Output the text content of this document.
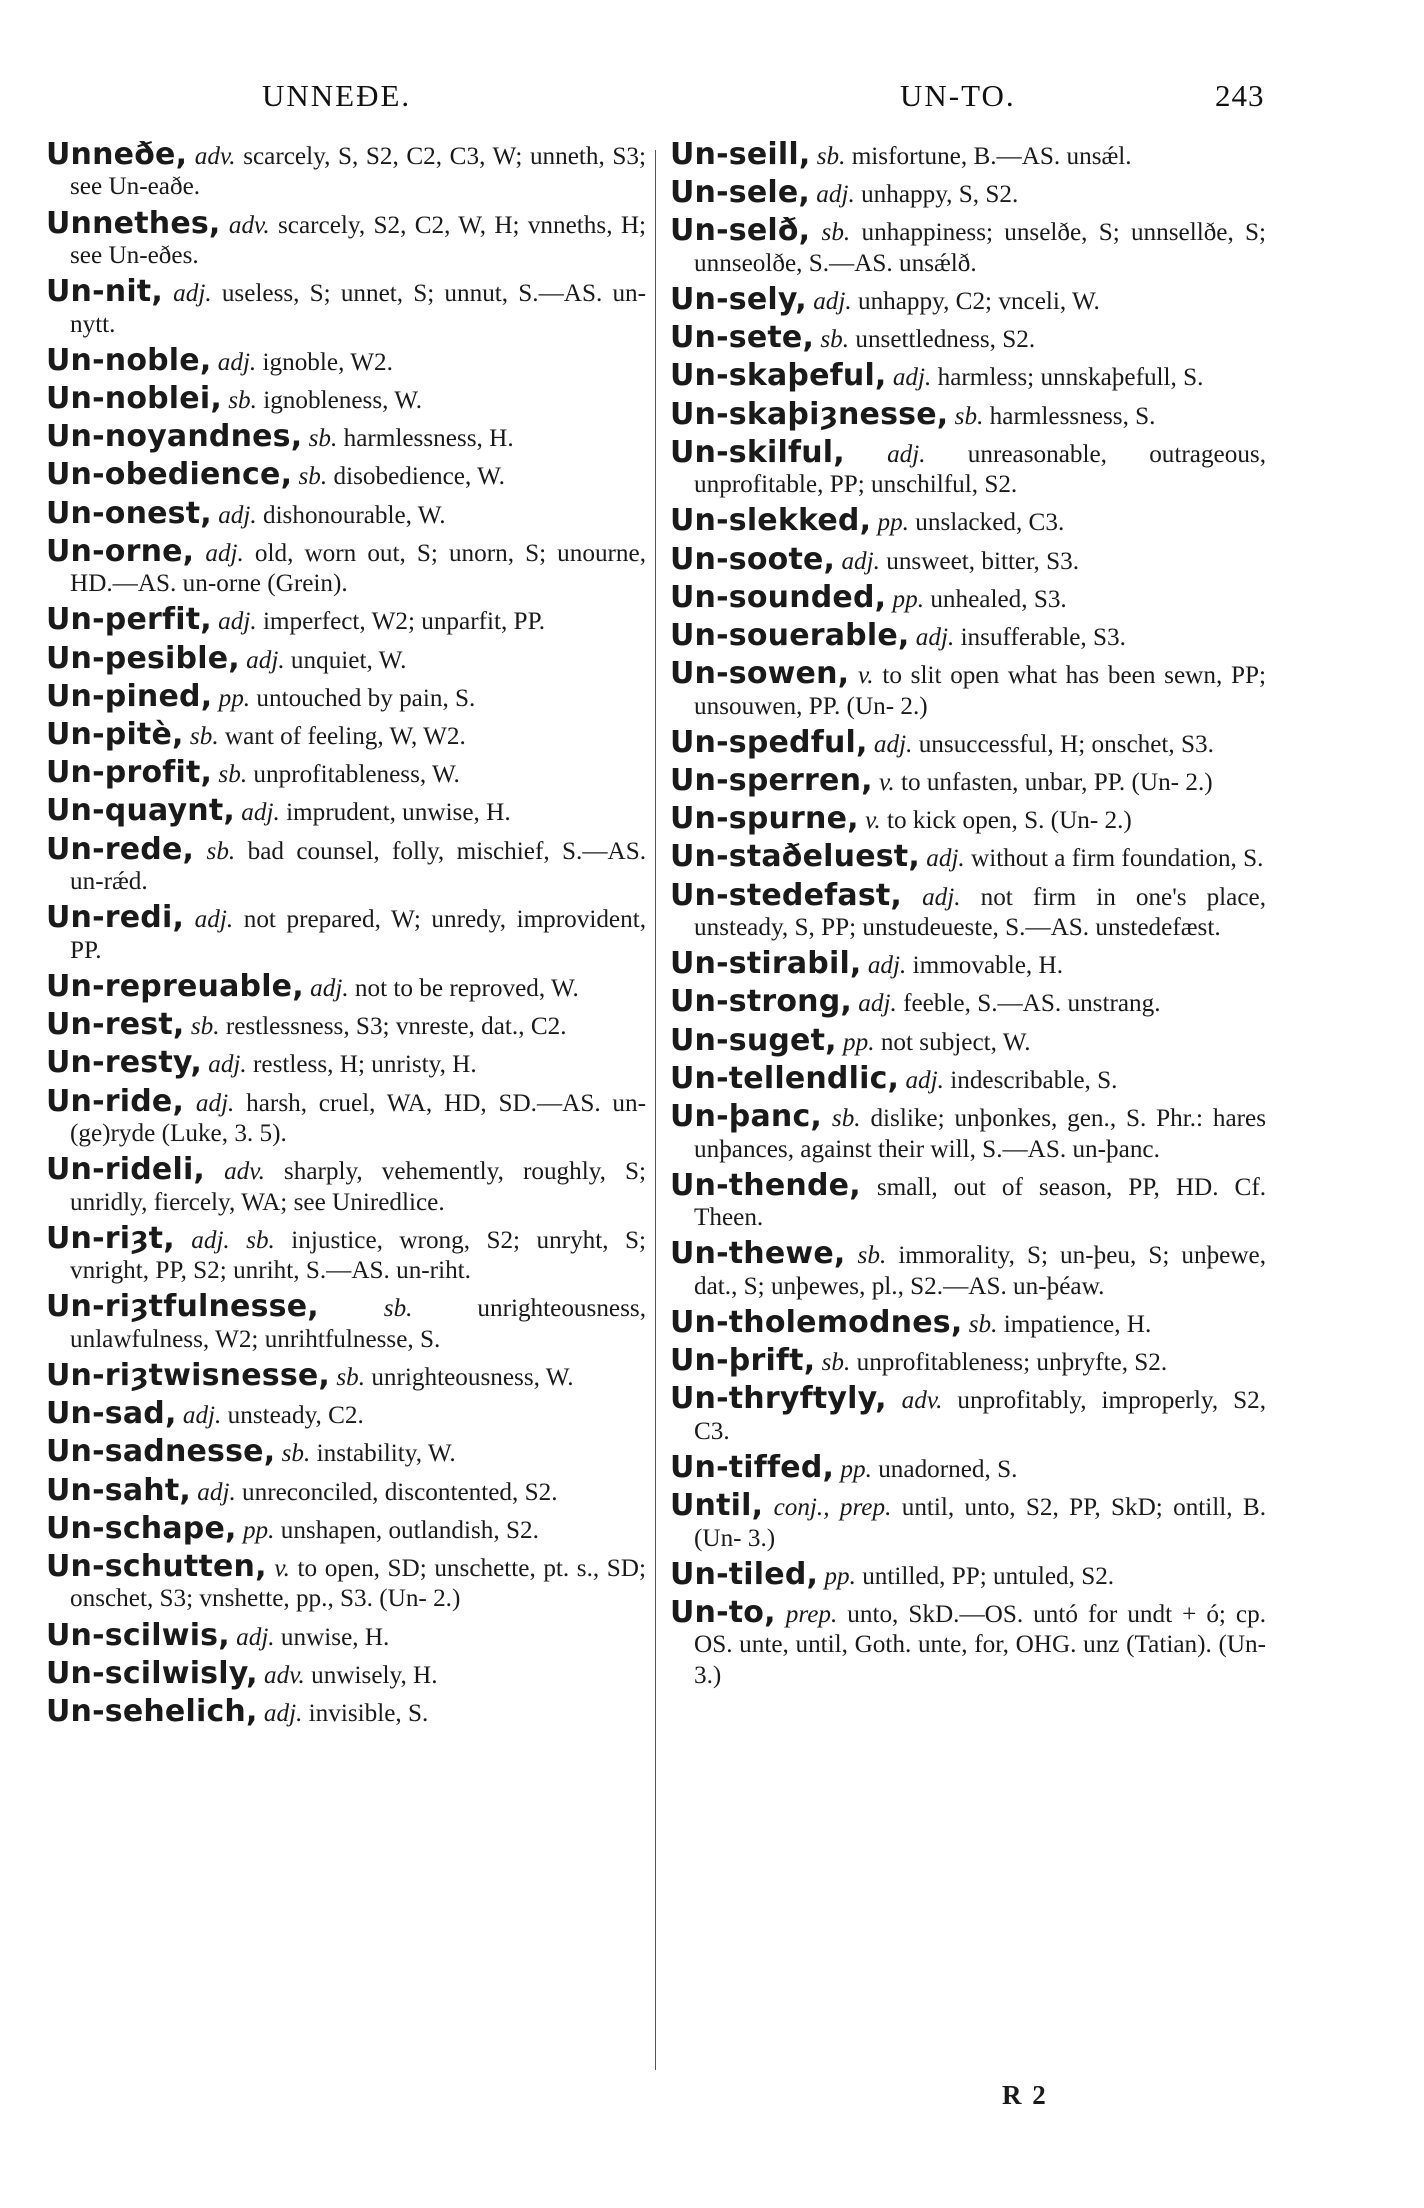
UNNEÐE.	UN-TO.	243
Unneðe, adv. scarcely, S, S2, C2, C3, W; unneth, S3; see Un-eaðe.
Unnethes, adv. scarcely, S2, C2, W, H; vnneths, H; see Un-eðes.
Un-nit, adj. useless, S; unnet, S; unnut, S.—AS. un-nytt.
Un-noble, adj. ignoble, W2.
Un-noblei, sb. ignobleness, W.
Un-noyandnes, sb. harmlessness, H.
Un-obedience, sb. disobedience, W.
Un-onest, adj. dishonourable, W.
Un-orne, adj. old, worn out, S; unorn, S; unourne, HD.—AS. un-orne (Grein).
Un-perfit, adj. imperfect, W2; unparfit, PP.
Un-pesible, adj. unquiet, W.
Un-pined, pp. untouched by pain, S.
Un-pitè, sb. want of feeling, W, W2.
Un-profit, sb. unprofitableness, W.
Un-quaynt, adj. imprudent, unwise, H.
Un-rede, sb. bad counsel, folly, mischief, S.—AS. un-rǽd.
Un-redi, adj. not prepared, W; unredy, improvident, PP.
Un-repreuable, adj. not to be reproved, W.
Un-rest, sb. restlessness, S3; vnreste, dat., C2.
Un-resty, adj. restless, H; unristy, H.
Un-ride, adj. harsh, cruel, WA, HD, SD.—AS. un-(ge)ryde (Luke, 3. 5).
Un-rideli, adv. sharply, vehemently, roughly, S; unridly, fiercely, WA; see Uniredlice.
Un-riȝt, adj. sb. injustice, wrong, S2; unryht, S; vnright, PP, S2; unriht, S.—AS. un-riht.
Un-riȝtfulnesse,	sb.	unrighteousness, unlawfulness, W2; unrihtfulnesse, S.
Un-riȝtwisnesse, sb. unrighteousness, W.
Un-sad, adj. unsteady, C2.
Un-sadnesse, sb. instability, W.
Un-saht, adj. unreconciled, discontented, S2.
Un-schape, pp. unshapen, outlandish, S2.
Un-schutten, v. to open, SD; unschette, pt. s., SD; onschet, S3; vnshette, pp., S3. (Un- 2.)
Un-scilwis, adj. unwise, H.
Un-scilwisly, adv. unwisely, H.
Un-sehelich, adj. invisible, S.
Un-seill, sb. misfortune, B.—AS. unsǽl.
Un-sele, adj. unhappy, S, S2.
Un-selð, sb. unhappiness; unselðe, S; unnsellðe, S; unnseolðe, S.—AS. unsǽlð.
Un-sely, adj. unhappy, C2; vnceli, W.
Un-sete, sb. unsettledness, S2.
Un-skaþeful, adj. harmless; unnskaþefull, S.
Un-skaþiȝnesse, sb. harmlessness, S.
Un-skilful, adj. unreasonable, outrageous, unprofitable, PP; unschilful, S2.
Un-slekked, pp. unslacked, C3.
Un-soote, adj. unsweet, bitter, S3.
Un-sounded, pp. unhealed, S3.
Un-souerable, adj. insufferable, S3.
Un-sowen, v. to slit open what has been sewn, PP; unsouwen, PP. (Un- 2.)
Un-spedful, adj. unsuccessful, H; onschet, S3.
Un-sperren, v. to unfasten, unbar, PP. (Un- 2.)
Un-spurne, v. to kick open, S. (Un- 2.)
Un-staðeluest, adj. without a firm foundation, S.
Un-stedefast, adj. not firm in one's place, unsteady, S, PP; unstudeueste, S.—AS. unstedefæst.
Un-stirabil, adj. immovable, H.
Un-strong, adj. feeble, S.—AS. unstrang.
Un-suget, pp. not subject, W.
Un-tellendlic, adj. indescribable, S.
Un-þanc, sb. dislike; unþonkes, gen., S. Phr.: hares unþances, against their will, S.—AS. un-þanc.
Un-thende, small, out of season, PP, HD. Cf. Theen.
Un-thewe, sb. immorality, S; un-þeu, S; unþewe, dat., S; unþewes, pl., S2.—AS. un-þéaw.
Un-tholemodnes, sb. impatience, H.
Un-þrift, sb. unprofitableness; unþryfte, S2.
Un-thryftyly, adv. unprofitably, improperly, S2, C3.
Un-tiffed, pp. unadorned, S.
Until, conj., prep. until, unto, S2, PP, SkD; ontill, B. (Un- 3.)
Un-tiled, pp. untilled, PP; untuled, S2.
Un-to, prep. unto, SkD.—OS. untó for undt + ó; cp. OS. unte, until, Goth. unte, for, OHG. unz (Tatian). (Un- 3.)
R 2
